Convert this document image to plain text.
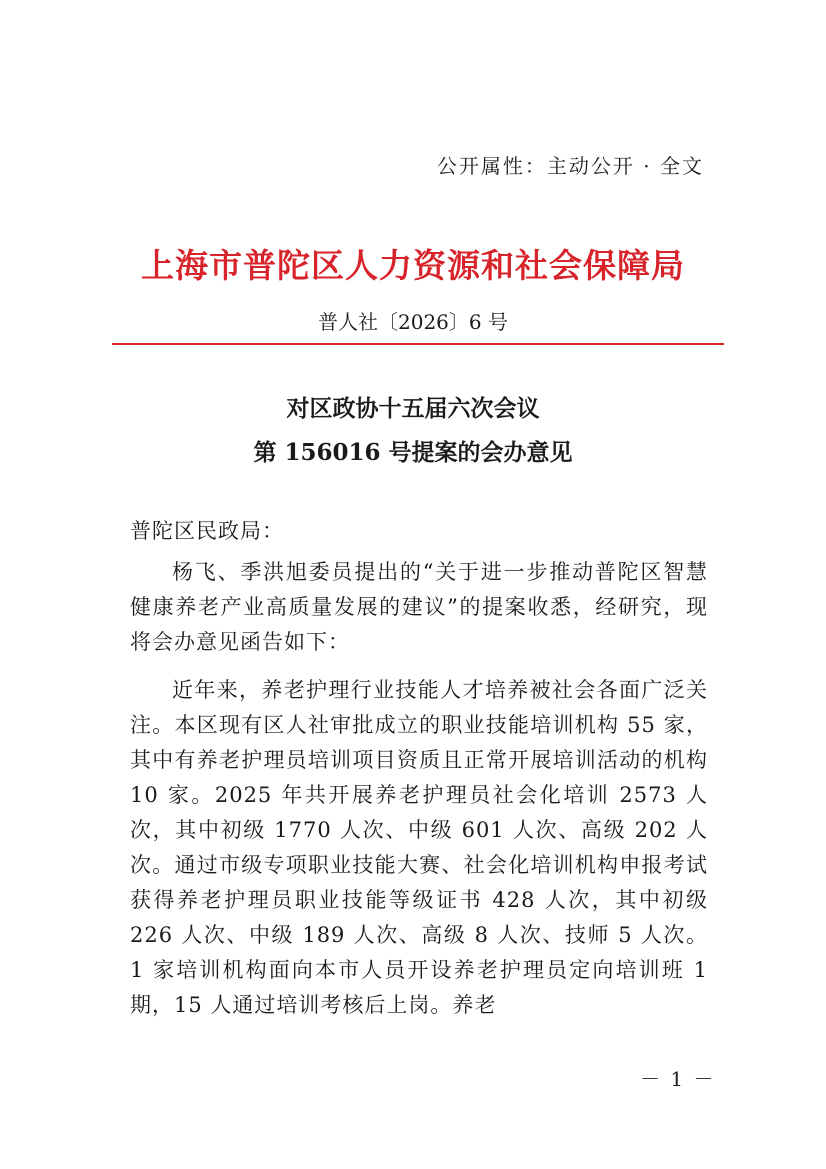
公开属性：主动公开 · 全文
上海市普陀区人力资源和社会保障局
普人社〔2026〕6 号
对区政协十五届六次会议
第 156016 号提案的会办意见
普陀区民政局：
杨飞、季洪旭委员提出的“关于进一步推动普陀区智慧健康养老产业高质量发展的建议”的提案收悉，经研究，现将会办意见函告如下：
近年来，养老护理行业技能人才培养被社会各面广泛关注。本区现有区人社审批成立的职业技能培训机构 55 家，其中有养老护理员培训项目资质且正常开展培训活动的机构 10 家。2025 年共开展养老护理员社会化培训 2573 人次，其中初级 1770 人次、中级 601 人次、高级 202 人次。通过市级专项职业技能大赛、社会化培训机构申报考试获得养老护理员职业技能等级证书 428 人次，其中初级 226 人次、中级 189 人次、高级 8 人次、技师 5 人次。1 家培训机构面向本市人员开设养老护理员定向培训班 1 期，15 人通过培训考核后上岗。养老
－ 1 －
